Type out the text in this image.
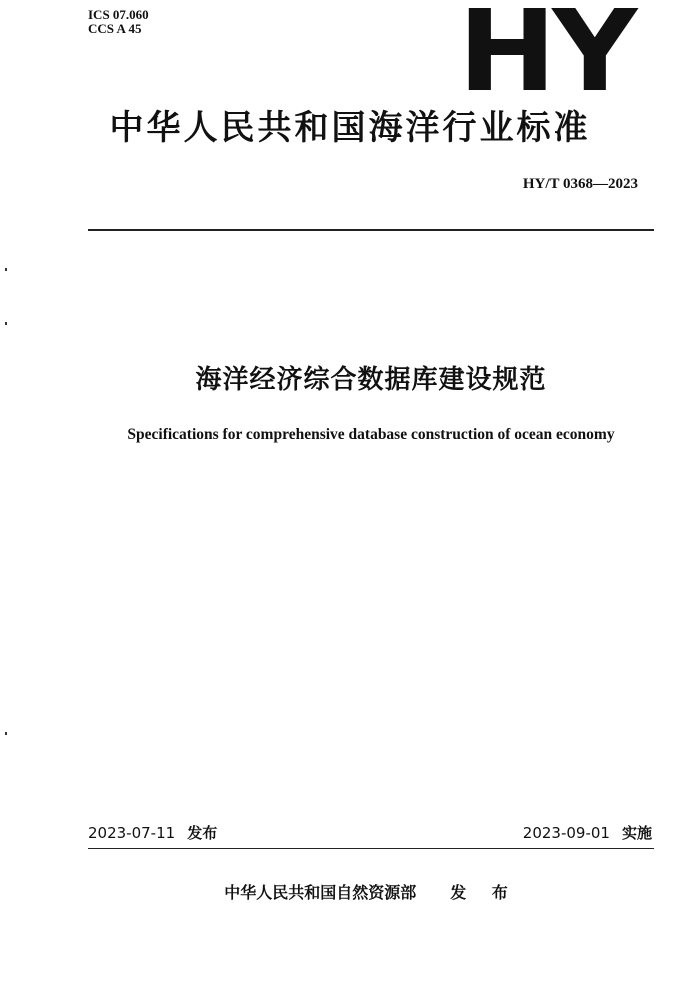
ICS 07.060
CCS A 45	HY
中华人民共和国海洋行业标准
HY/T 0368—2023
海洋经济综合数据库建设规范
Specifications for comprehensive database construction of ocean economy
2023-07-11 发布	2023-09-01 实施
中华人民共和国自然资源部 发 布
